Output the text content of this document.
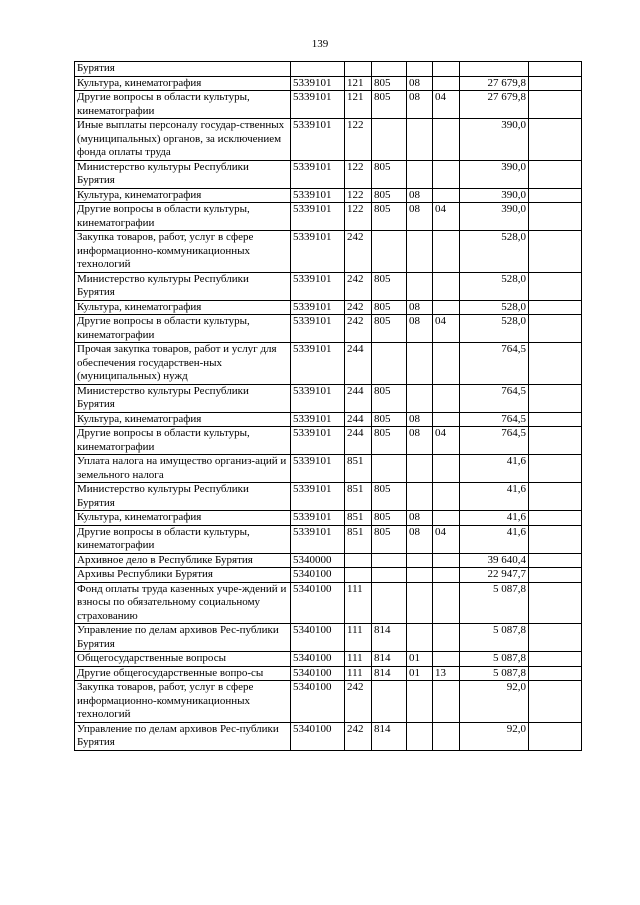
139
Бурятия							
Культура, кинематография	5339101	121	805	08		27 679,8	
Другие вопросы в области культуры, кинематографии	5339101	121	805	08	04	27 679,8	
Иные выплаты персоналу государ-ственных (муниципальных) органов, за исключением фонда оплаты труда	5339101	122				390,0	
Министерство культуры Республики Бурятия	5339101	122	805			390,0	
Культура, кинематография	5339101	122	805	08		390,0	
Другие вопросы в области культуры, кинематографии	5339101	122	805	08	04	390,0	
Закупка товаров, работ, услуг в сфере информационно-коммуникационных технологий	5339101	242				528,0	
Министерство культуры Республики Бурятия	5339101	242	805			528,0	
Культура, кинематография	5339101	242	805	08		528,0	
Другие вопросы в области культуры, кинематографии	5339101	242	805	08	04	528,0	
Прочая закупка товаров, работ и услуг для обеспечения государствен-ных (муниципальных) нужд	5339101	244				764,5	
Министерство культуры Республики Бурятия	5339101	244	805			764,5	
Культура, кинематография	5339101	244	805	08		764,5	
Другие вопросы в области культуры, кинематографии	5339101	244	805	08	04	764,5	
Уплата налога на имущество организ-аций и земельного налога	5339101	851				41,6	
Министерство культуры Республики Бурятия	5339101	851	805			41,6	
Культура, кинематография	5339101	851	805	08		41,6	
Другие вопросы в области культуры, кинематографии	5339101	851	805	08	04	41,6	
Архивное дело в Республике Бурятия	5340000					39 640,4	
Архивы Республики Бурятия	5340100					22 947,7	
Фонд оплаты труда казенных учре-ждений и взносы по обязательному социальному страхованию	5340100	111				5 087,8	
Управление по делам архивов Рес-публики Бурятия	5340100	111	814			5 087,8	
Общегосударственные вопросы	5340100	111	814	01		5 087,8	
Другие общегосударственные вопро-сы	5340100	111	814	01	13	5 087,8	
Закупка товаров, работ, услуг в сфере информационно-коммуникационных технологий	5340100	242				92,0	
Управление по делам архивов Рес-публики Бурятия	5340100	242	814			92,0	
